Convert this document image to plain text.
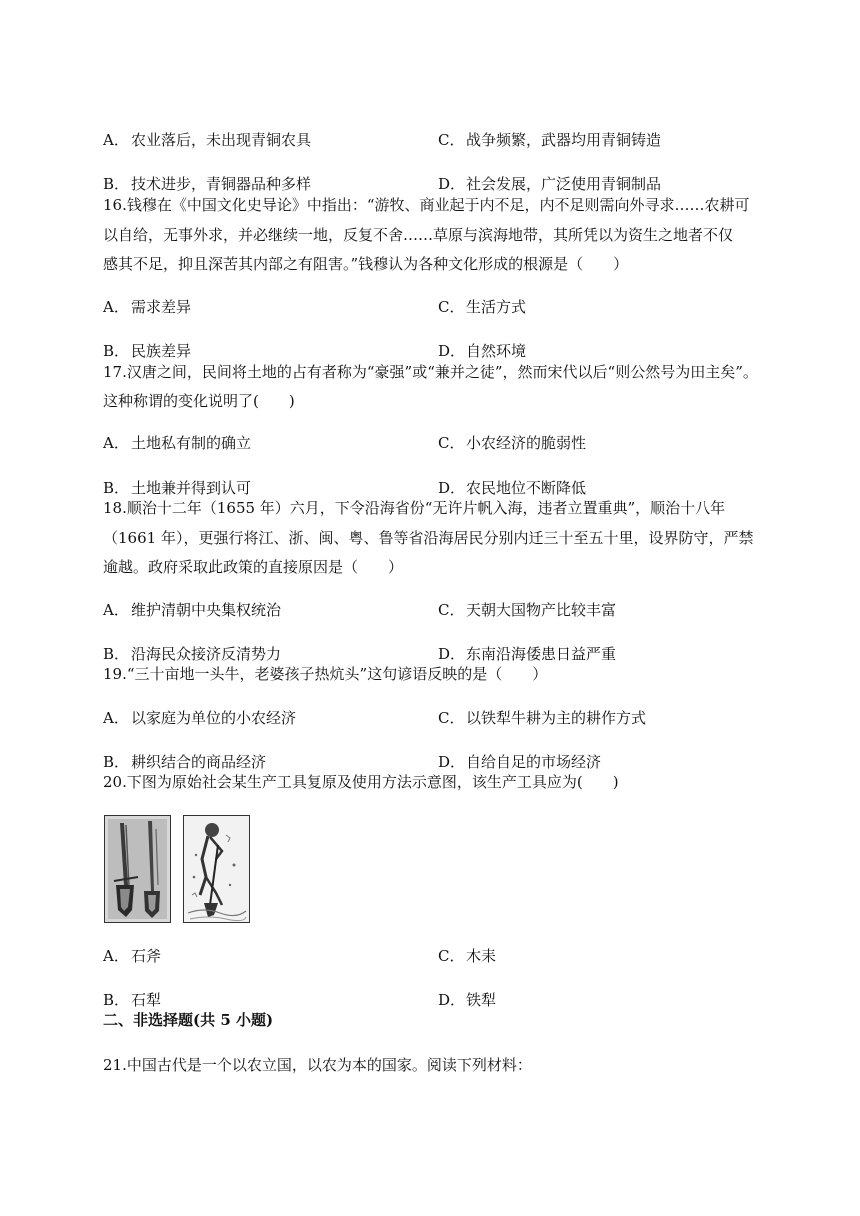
A． 农业落后，未出现青铜农具	C． 战争频繁，武器均用青铜铸造
B． 技术进步，青铜器品种多样	D．社会发展，广泛使用青铜制品
16.钱穆在《中国文化史导论》中指出：“游牧、商业起于内不足，内不足则需向外寻求……农耕可
以自给，无事外求，并必继续一地，反复不舍……草原与滨海地带，其所凭以为资生之地者不仅
感其不足，抑且深苦其内部之有阻害。”钱穆认为各种文化形成的根源是（　　）
A． 需求差异	C． 生活方式
B． 民族差异	D．自然环境
17.汉唐之间，民间将土地的占有者称为“豪强”或“兼并之徒”，然而宋代以后“则公然号为田主矣”。
这种称谓的变化说明了(　　)
A． 土地私有制的确立	C． 小农经济的脆弱性
B． 土地兼并得到认可	D．农民地位不断降低
18.顺治十二年（1655 年）六月，下令沿海省份“无许片帆入海，违者立置重典”，顺治十八年
（1661 年），更强行将江、浙、闽、粤、鲁等省沿海居民分别内迁三十至五十里，设界防守，严禁
逾越。政府采取此政策的直接原因是（　　）
A． 维护清朝中央集权统治	C． 天朝大国物产比较丰富
B． 沿海民众接济反清势力	D．东南沿海倭患日益严重
19.“三十亩地一头牛，老婆孩子热炕头”这句谚语反映的是（　　）
A． 以家庭为单位的小农经济	C． 以铁犁牛耕为主的耕作方式
B． 耕织结合的商品经济	D．自给自足的市场经济
20.下图为原始社会某生产工具复原及使用方法示意图，该生产工具应为(　　)
A． 石斧	C． 木耒
B． 石犁	D．铁犁
二、非选择题(共 5 小题)
21.中国古代是一个以农立国，以农为本的国家。阅读下列材料：
